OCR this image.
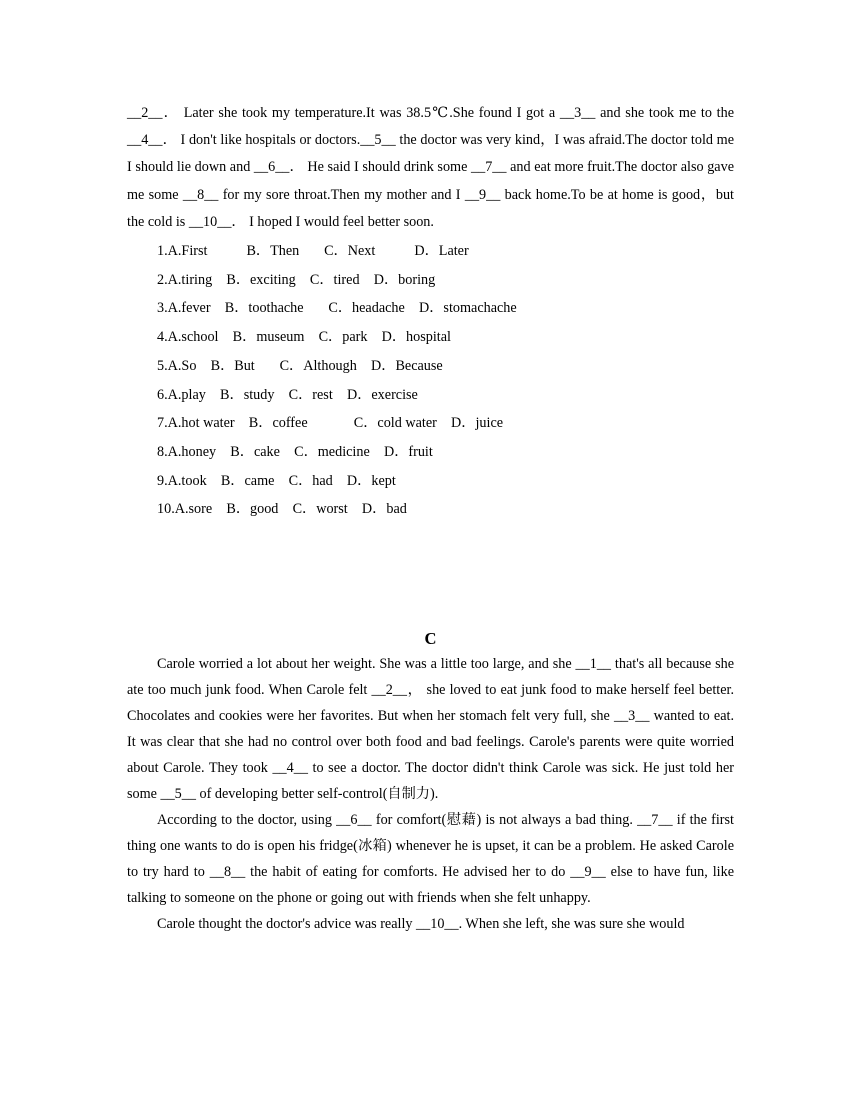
__2__． Later she took my temperature.It was 38.5℃.She found I got a __3__ and she took me to the __4__． I don't like hospitals or doctors.__5__ the doctor was very kind，I was afraid.The doctor told me I should lie down and __6__． He said I should drink some __7__ and eat more fruit.The doctor also gave me some __8__ for my sore throat.Then my mother and I __9__ back home.To be at home is good，but the cold is __10__． I hoped I would feel better soon.

1.A.First           B．Then       C．Next           D．Later

2.A.tiring    B．exciting    C．tired    D．boring

3.A.fever    B．toothache       C．headache    D．stomachache

4.A.school    B．museum    C．park    D．hospital

5.A.So    B．But       C．Although    D．Because

6.A.play    B．study    C．rest    D．exercise

7.A.hot water    B．coffee             C．cold water    D．juice

8.A.honey    B．cake    C．medicine    D．fruit

9.A.took    B．came    C．had    D．kept

10.A.sore    B．good    C．worst    D．bad

C

Carole worried a lot about her weight. She was a little too large, and she __1__ that's all because she ate too much junk food. When Carole felt __2__， she loved to eat junk food to make herself feel better. Chocolates and cookies were her favorites. But when her stomach felt very full, she __3__ wanted to eat. It was clear that she had no control over both food and bad feelings. Carole's parents were quite worried about Carole. They took __4__ to see a doctor. The doctor didn't think Carole was sick. He just told her some __5__ of developing better self-control(自制力).

According to the doctor, using __6__ for comfort(慰藉) is not always a bad thing. __7__ if the first thing one wants to do is open his fridge(冰箱) whenever he is upset, it can be a problem. He asked Carole to try hard to __8__ the habit of eating for comforts. He advised her to do __9__ else to have fun, like talking to someone on the phone or going out with friends when she felt unhappy.

Carole thought the doctor's advice was really __10__. When she left, she was sure she would
